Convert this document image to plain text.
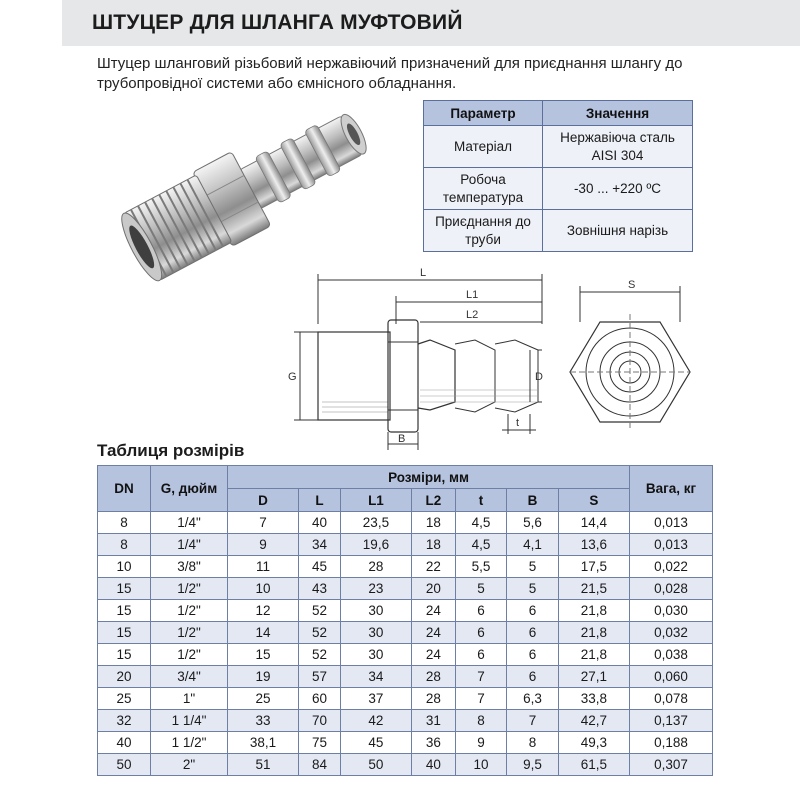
ШТУЦЕР ДЛЯ ШЛАНГА МУФТОВИЙ
Штуцер шланговий різьбовий нержавіючий призначений для приєднання шлангу до трубопровідної системи або ємнісного обладнання.
Параметр	Значення
Матеріал	Нержавіюча сталь AISI 304
Робоча температура	-30 ... +220 ºС
Приєднання до труби	Зовнішня нарізь
L
L1
L2
G	D
B
t
S
Таблиця розмірів
DN	G, дюйм	Розміри, мм							Вага, кг
		D	L	L1	L2	t	B	S	
8	1/4"	7	40	23,5	18	4,5	5,6	14,4	0,013
8	1/4"	9	34	19,6	18	4,5	4,1	13,6	0,013
10	3/8"	11	45	28	22	5,5	5	17,5	0,022
15	1/2"	10	43	23	20	5	5	21,5	0,028
15	1/2"	12	52	30	24	6	6	21,8	0,030
15	1/2"	14	52	30	24	6	6	21,8	0,032
15	1/2"	15	52	30	24	6	6	21,8	0,038
20	3/4"	19	57	34	28	7	6	27,1	0,060
25	1"	25	60	37	28	7	6,3	33,8	0,078
32	1 1/4"	33	70	42	31	8	7	42,7	0,137
40	1 1/2"	38,1	75	45	36	9	8	49,3	0,188
50	2"	51	84	50	40	10	9,5	61,5	0,307
